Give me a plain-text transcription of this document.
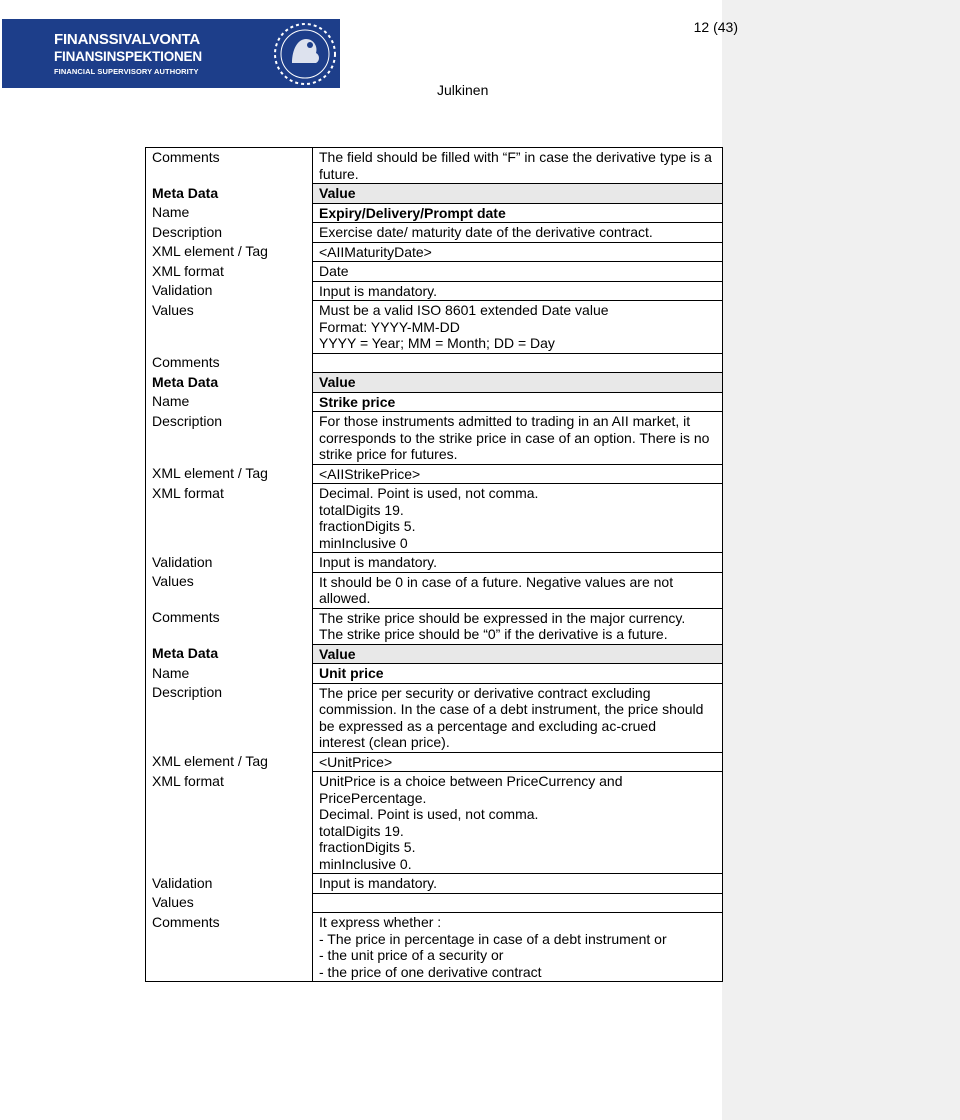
FINANSSIVALVONTA
FINANSINSPEKTIONEN
FINANCIAL SUPERVISORY AUTHORITY
12 (43)
Julkinen
Comments	The field should be filled with “F” in case the derivative type is a future.

Meta Data	Value

Name	Expiry/Delivery/Prompt date

Description	Exercise date/ maturity date of the derivative contract.

XML element / Tag	<AIIMaturityDate>

XML format	Date

Validation	Input is mandatory.

Values	Must be a valid ISO 8601 extended Date value
Format: YYYY-MM-DD
YYYY = Year; MM = Month; DD = Day

Comments	

Meta Data	Value

Name	Strike price

Description	For those instruments admitted to trading in an AII market, it corresponds to the strike price in case of an option. There is no strike price for futures.

XML element / Tag	<AIIStrikePrice>

XML format	Decimal. Point is used, not comma.
totalDigits 19.
fractionDigits 5.
minInclusive 0

Validation	Input is mandatory.

Values	It should be 0 in case of a future. Negative values are not allowed.

Comments	The strike price should be expressed in the major currency.
The strike price should be “0” if the derivative is a future.

Meta Data	Value

Name	Unit price

Description	The price per security or derivative contract excluding commission. In the case of a debt instrument, the price should be expressed as a percentage and excluding ac-crued
interest (clean price).

XML element / Tag	<UnitPrice>

XML format	UnitPrice is a choice between PriceCurrency and PricePercentage.
Decimal. Point is used, not comma.
totalDigits 19.
fractionDigits 5.
minInclusive 0.

Validation	Input is mandatory.

Values	

Comments	It express whether :
- The price in percentage in case of a debt instrument or
- the unit price of a security or
- the price of one derivative contract
